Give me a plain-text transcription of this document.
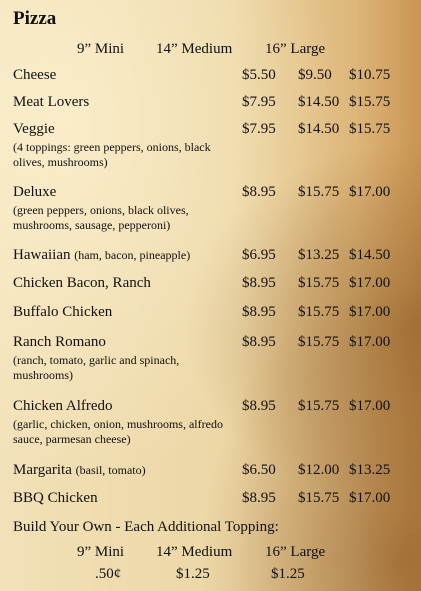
Pizza
9” Mini 14” Medium 16” Large
Cheese	$5.50 $9.50 $10.75
Meat Lovers	$7.95 $14.50 $15.75
Veggie
(4 toppings: green peppers, onions, black olives, mushrooms)
$7.95 $14.50 $15.75
Deluxe
(green peppers, onions, black olives, mushrooms, sausage, pepperoni)
$8.95 $15.75 $17.00
Hawaiian (ham, bacon, pineapple)	$6.95 $13.25 $14.50
Chicken Bacon, Ranch	$8.95 $15.75 $17.00
Buffalo Chicken	$8.95 $15.75 $17.00
Ranch Romano
(ranch, tomato, garlic and spinach, mushrooms)
$8.95 $15.75 $17.00
Chicken Alfredo
(garlic, chicken, onion, mushrooms, alfredo sauce, parmesan cheese)
$8.95 $15.75 $17.00
Margarita (basil, tomato)	$6.50 $12.00 $13.25
BBQ Chicken	$8.95 $15.75 $17.00
Build Your Own - Each Additional Topping:
9” Mini 14” Medium 16” Large
.50¢	$1.25	$1.25
